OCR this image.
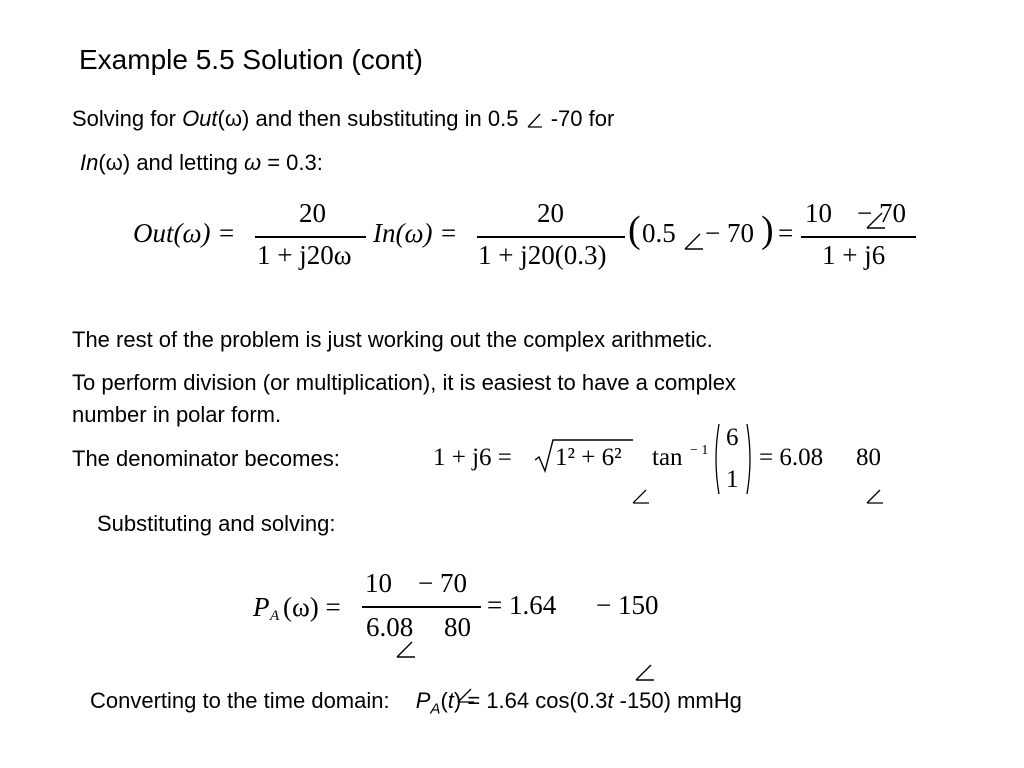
Example 5.5 Solution (cont)
Solving for Out(ω) and then substituting in 0.5
-70 for
In(ω) and letting ω = 0.3:
Out(ω) =
20
1 + j20ω
In(ω) =
20
1 + j20(0.3)
( 0.5
− 70 ) =
10 − 70
1 + j6
The rest of the problem is just working out the complex arithmetic.
To perform division (or multiplication), it is easiest to have a complex
number in polar form.
The denominator becomes:	1 + j6 = 1² + 6²
tan − 1 6
1
= 6.08 80
Substituting and solving:
P A (ω) =
10
− 70
6.08
80
= 1.64 − 150
Converting to the time domain: $P_A(t) = 1.64$ cos(0.3t -150) mmHg
